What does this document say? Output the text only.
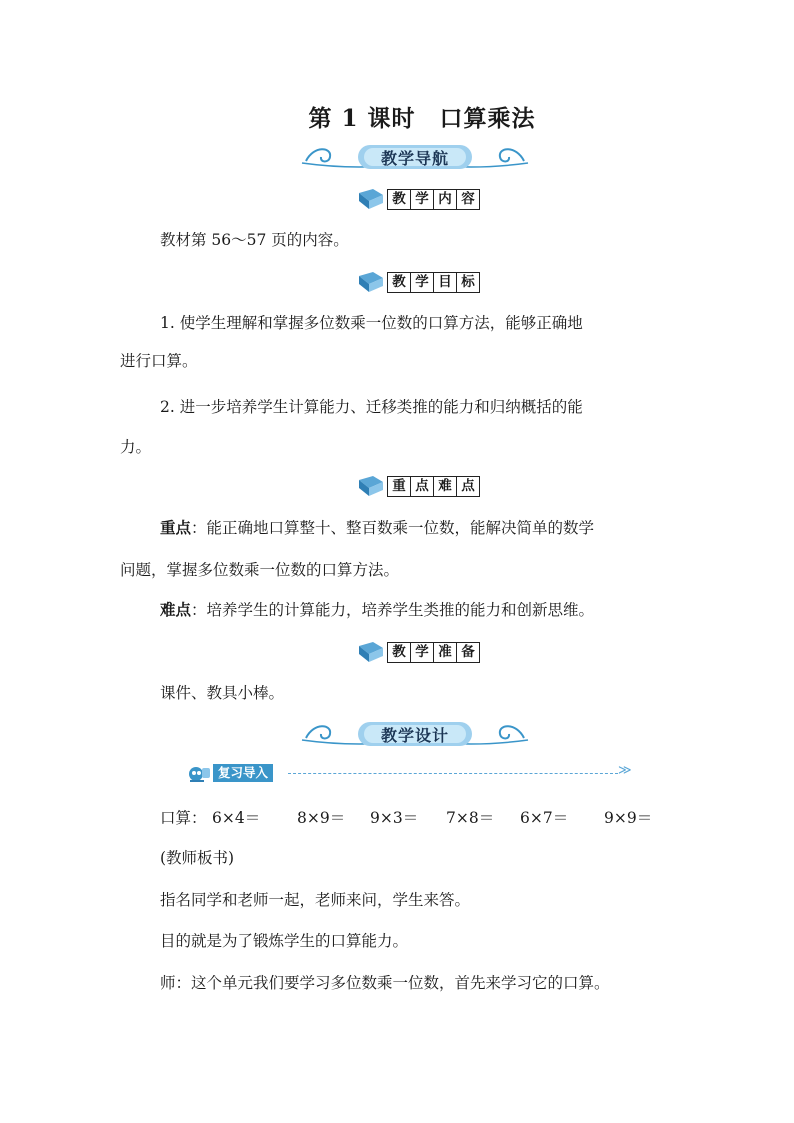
第 1 课时　口算乘法
教学导航
教 学 内 容
教材第 56～57 页的内容。
教 学 目 标
1. 使学生理解和掌握多位数乘一位数的口算方法，能够正确地
进行口算。
2. 进一步培养学生计算能力、迁移类推的能力和归纳概括的能
力。
重 点 难 点
重点：能正确地口算整十、整百数乘一位数，能解决简单的数学
问题，掌握多位数乘一位数的口算方法。
难点：培养学生的计算能力，培养学生类推的能力和创新思维。
教 学 准 备
课件、教具小棒。
教学设计
复习导入	≫
口算： 6×4＝ 8×9＝ 9×3＝ 7×8＝ 6×7＝ 9×9＝
(教师板书)
指名同学和老师一起，老师来问，学生来答。
目的就是为了锻炼学生的口算能力。
师：这个单元我们要学习多位数乘一位数，首先来学习它的口算。
